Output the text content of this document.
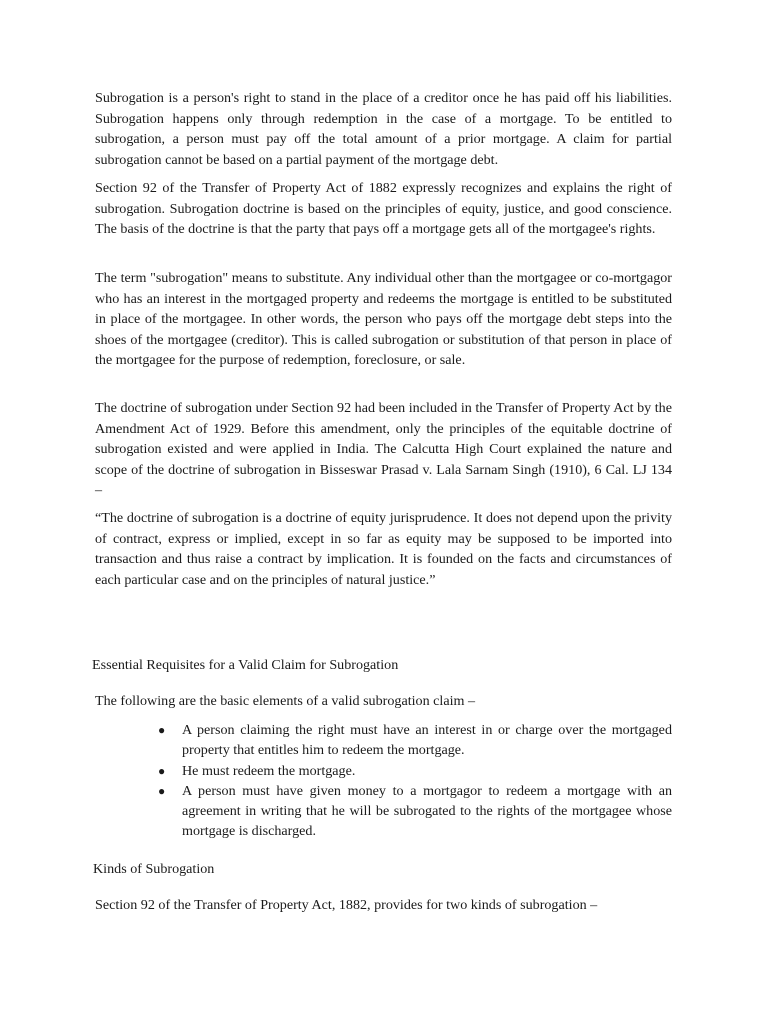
Subrogation is a person's right to stand in the place of a creditor once he has paid off his liabilities. Subrogation happens only through redemption in the case of a mortgage. To be entitled to subrogation, a person must pay off the total amount of a prior mortgage. A claim for partial subrogation cannot be based on a partial payment of the mortgage debt.

Section 92 of the Transfer of Property Act of 1882 expressly recognizes and explains the right of subrogation. Subrogation doctrine is based on the principles of equity, justice, and good conscience. The basis of the doctrine is that the party that pays off a mortgage gets all of the mortgagee's rights.

The term "subrogation" means to substitute. Any individual other than the mortgagee or co-mortgagor who has an interest in the mortgaged property and redeems the mortgage is entitled to be substituted in place of the mortgagee. In other words, the person who pays off the mortgage debt steps into the shoes of the mortgagee (creditor). This is called subrogation or substitution of that person in place of the mortgagee for the purpose of redemption, foreclosure, or sale.

The doctrine of subrogation under Section 92 had been included in the Transfer of Property Act by the Amendment Act of 1929. Before this amendment, only the principles of the equitable doctrine of subrogation existed and were applied in India. The Calcutta High Court explained the nature and scope of the doctrine of subrogation in Bisseswar Prasad v. Lala Sarnam Singh (1910), 6 Cal. LJ 134 –

“The doctrine of subrogation is a doctrine of equity jurisprudence. It does not depend upon the privity of contract, express or implied, except in so far as equity may be supposed to be imported into transaction and thus raise a contract by implication. It is founded on the facts and circumstances of each particular case and on the principles of natural justice.”

Essential Requisites for a Valid Claim for Subrogation

The following are the basic elements of a valid subrogation claim –

● A person claiming the right must have an interest in or charge over the mortgaged property that entitles him to redeem the mortgage.
● He must redeem the mortgage.
● A person must have given money to a mortgagor to redeem a mortgage with an agreement in writing that he will be subrogated to the rights of the mortgagee whose mortgage is discharged.
Kinds of Subrogation

Section 92 of the Transfer of Property Act, 1882, provides for two kinds of subrogation –
